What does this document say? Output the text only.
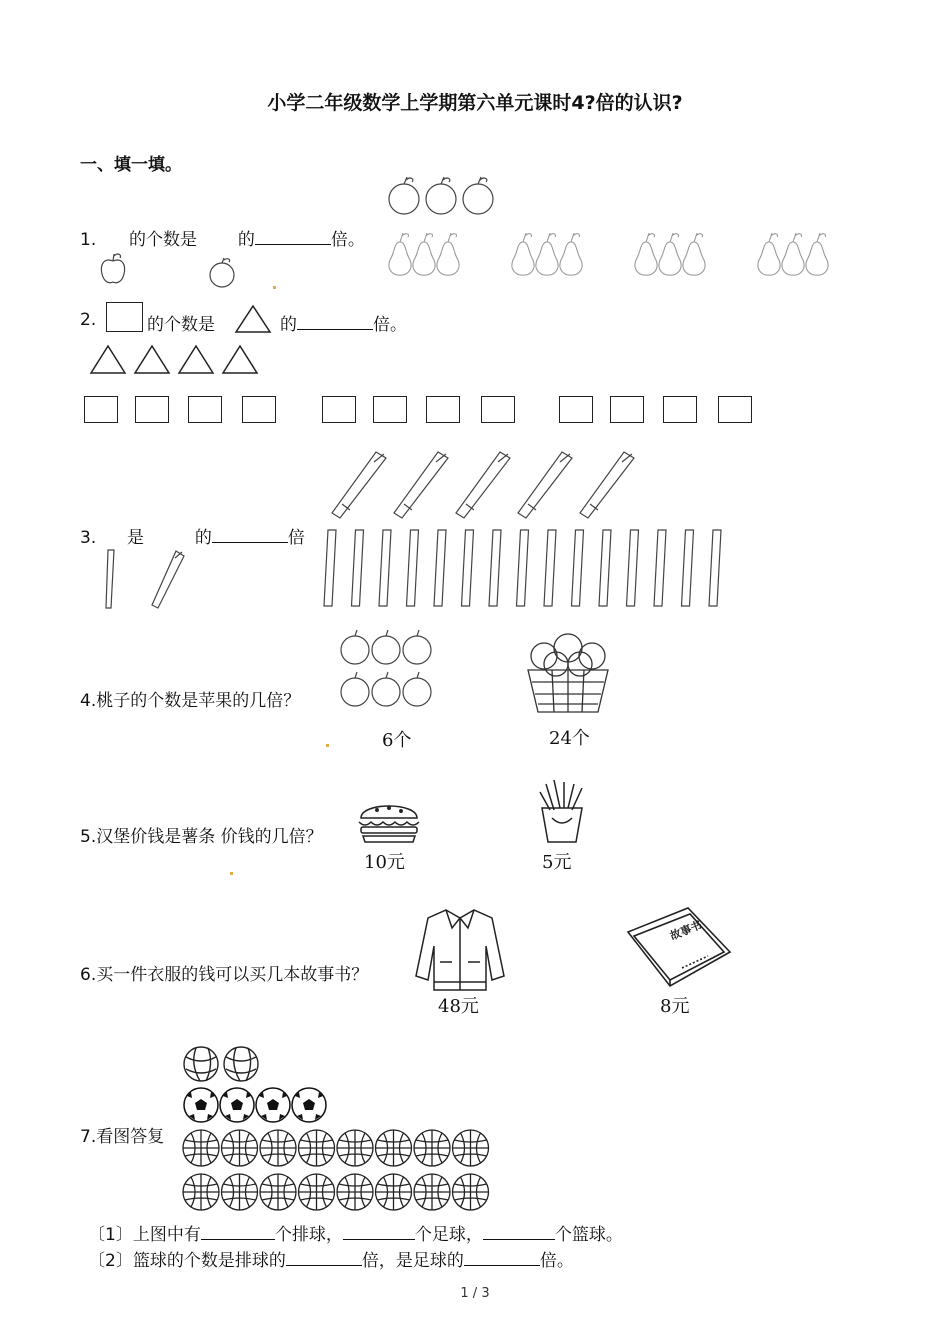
小学二年级数学上学期第六单元课时4?倍的认识?
一、填一填。
1. 的个数是 的	倍。
2.	的个数是	的	倍。
3. 是	的	倍
4.桃子的个数是苹果的几倍？
6个	24个
5.汉堡价钱是薯条 价钱的几倍？
10元	5元
6.买一件衣服的钱可以买几本故事书？
故事书
48元	8元
7.看图答复
〔1〕上图中有	个排球，	个足球，	个篮球。
〔2〕篮球的个数是排球的	倍，是足球的	倍。
1 / 3
